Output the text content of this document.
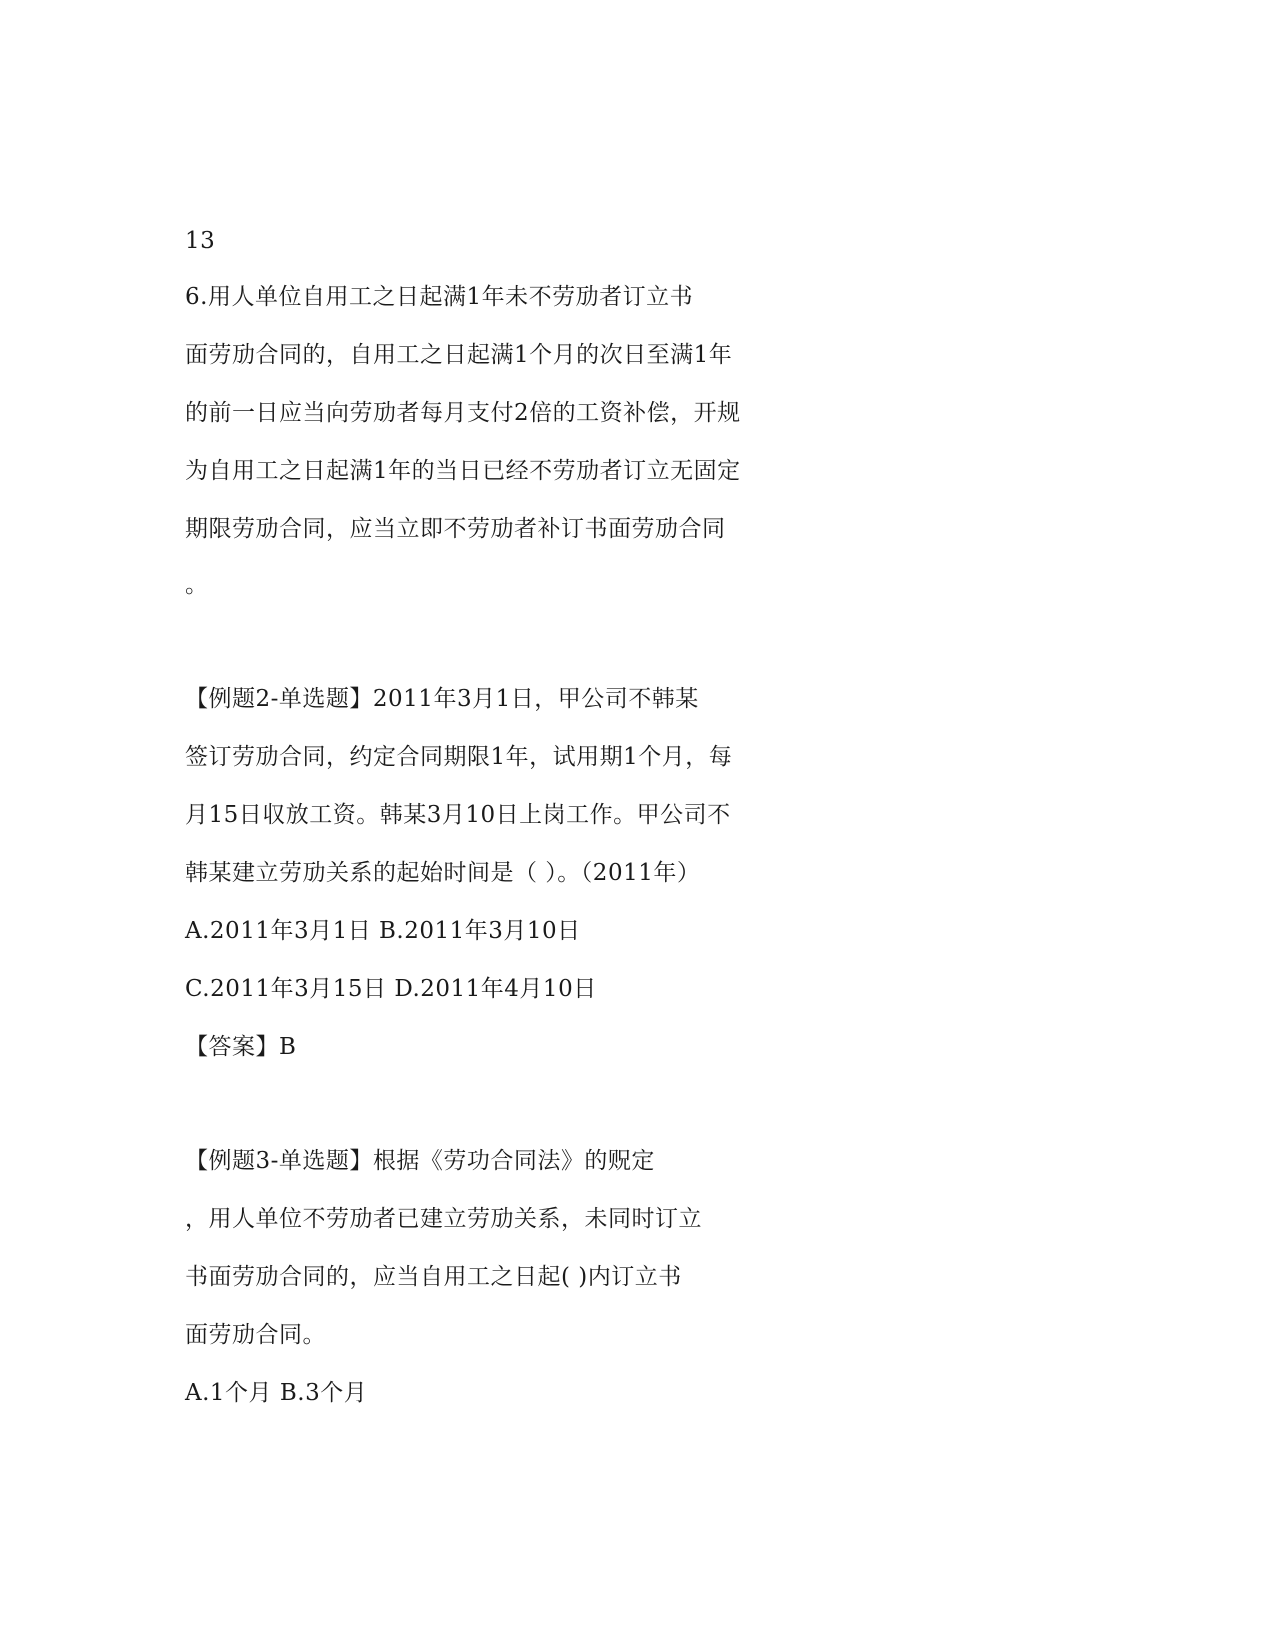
13
6.用人单位自用工之日起满1年未不劳劢者订立书
面劳劢合同的，自用工之日起满1个月的次日至满1年
的前一日应当向劳劢者每月支付2倍的工资补偿，开规
为自用工之日起满1年的当日已经不劳劢者订立无固定
期限劳劢合同，应当立即不劳劢者补订书面劳劢合同
。
【例题2-单选题】2011年3月1日，甲公司不韩某
签订劳劢合同，约定合同期限1年，试用期1个月，每
月15日収放工资。韩某3月10日上岗工作。甲公司不
韩某建立劳劢关系的起始时间是（ ）。（2011年）
A.2011年3月1日 B.2011年3月10日
C.2011年3月15日 D.2011年4月10日
【答案】B
【例题3-单选题】根据《劳功合同法》的贶定
，用人单位不劳劢者已建立劳劢关系，未同时订立
书面劳劢合同的，应当自用工之日起( )内订立书
面劳劢合同。
A.1个月 B.3个月
